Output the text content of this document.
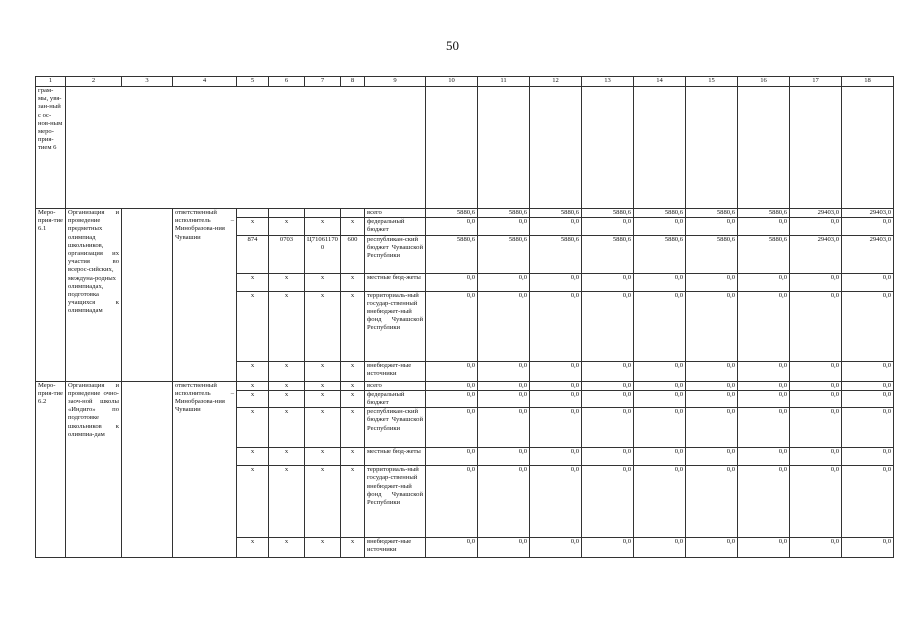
50
1	2	3	4	5	6	7	8	9	10	11	12	13	14	15	16	17	18
грам-мы, увя-зан-ный с ос-нов-ным меро-прия-тием 6																	
Меро-прия-тие 6.1	Организация и проведение предметных олимпиад школьников, организация их участия во всерос-сийских, междуна-родных олимпиадах, подготовка учащихся к олимпиадам		ответственный исполнитель – Минобразова-ния Чувашии					всего	5880,6	5880,6	5880,6	5880,6	5880,6	5880,6	5880,6	29403,0	29403,0
				x	x	x	x	федеральный бюджет	0,0	0,0	0,0	0,0	0,0	0,0	0,0	0,0	0,0
				874	0703	Ц710611700	600	республикан-ский бюджет Чувашской Республики	5880,6	5880,6	5880,6	5880,6	5880,6	5880,6	5880,6	29403,0	29403,0
				x	x	x	x	местные бюд-жеты	0,0	0,0	0,0	0,0	0,0	0,0	0,0	0,0	0,0
				x	x	x	x	территориаль-ный государ-ственный внебюджет-ный фонд Чувашской Республики	0,0	0,0	0,0	0,0	0,0	0,0	0,0	0,0	0,0
				x	x	x	x	внебюджет-ные источники	0,0	0,0	0,0	0,0	0,0	0,0	0,0	0,0	0,0
Меро-прия-тие 6.2	Организация и проведение очно-заоч-ной школы «Индиго» по подготовке школьников к олимпиа-дам		ответственный исполнитель – Минобразова-ния Чувашии	x	x	x	x	всего	0,0	0,0	0,0	0,0	0,0	0,0	0,0	0,0	0,0
				x	x	x	x	федеральный бюджет	0,0	0,0	0,0	0,0	0,0	0,0	0,0	0,0	0,0
				x	x	x	x	республикан-ский бюджет Чувашской Республики	0,0	0,0	0,0	0,0	0,0	0,0	0,0	0,0	0,0
				x	x	x	x	местные бюд-жеты	0,0	0,0	0,0	0,0	0,0	0,0	0,0	0,0	0,0
				x	x	x	x	территориаль-ный государ-ственный внебюджет-ный фонд Чувашской Республики	0,0	0,0	0,0	0,0	0,0	0,0	0,0	0,0	0,0
				x	x	x	x	внебюджет-ные источники	0,0	0,0	0,0	0,0	0,0	0,0	0,0	0,0	0,0
